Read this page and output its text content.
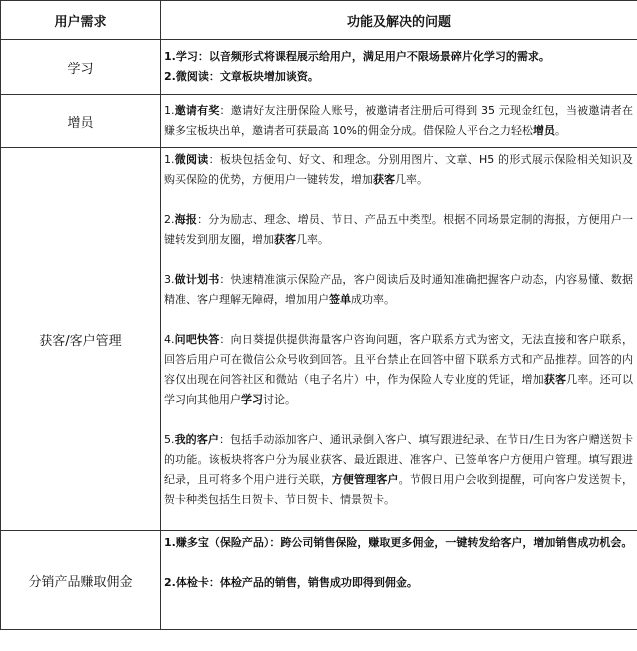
用户需求	功能及解决的问题
学习	1.学习：以音频形式将课程展示给用户，满足用户不限场景碎片化学习的需求。

2.微阅读：文章板块增加谈资。

增员	1.邀请有奖：邀请好友注册保险人账号，被邀请者注册后可得到 35 元现金红包，当被邀请者在赚多宝板块出单，邀请者可获最高 10%的佣金分成。借保险人平台之力轻松增员。

获客/客户管理	1.微阅读：板块包括金句、好文、和理念。分别用图片、文章、H5 的形式展示保险相关知识及购买保险的优势，方便用户一键转发，增加获客几率。

2.海报：分为励志、理念、增员、节日、产品五中类型。根据不同场景定制的海报，方便用户一键转发到朋友圈，增加获客几率。

3.做计划书：快速精准演示保险产品，客户阅读后及时通知准确把握客户动态，内容易懂、数据精准、客户理解无障碍，增加用户签单成功率。

4.问吧快答：向日葵提供提供海量客户咨询问题，客户联系方式为密文，无法直接和客户联系，回答后用户可在微信公众号收到回答。且平台禁止在回答中留下联系方式和产品推荐。回答的内容仅出现在问答社区和微站（电子名片）中，作为保险人专业度的凭证，增加获客几率。还可以学习向其他用户学习讨论。

5.我的客户：包括手动添加客户、通讯录倒入客户、填写跟进纪录、在节日/生日为客户赠送贺卡的功能。该板块将客户分为展业获客、最近跟进、准客户、已签单客户方便用户管理。填写跟进纪录，且可将多个用户进行关联，方便管理客户。节假日用户会收到提醒，可向客户发送贺卡，贺卡种类包括生日贺卡、节日贺卡、情景贺卡。

分销产品赚取佣金	1.赚多宝（保险产品）：跨公司销售保险，赚取更多佣金，一键转发给客户，增加销售成功机会。

2.体检卡：体检产品的销售，销售成功即得到佣金。
